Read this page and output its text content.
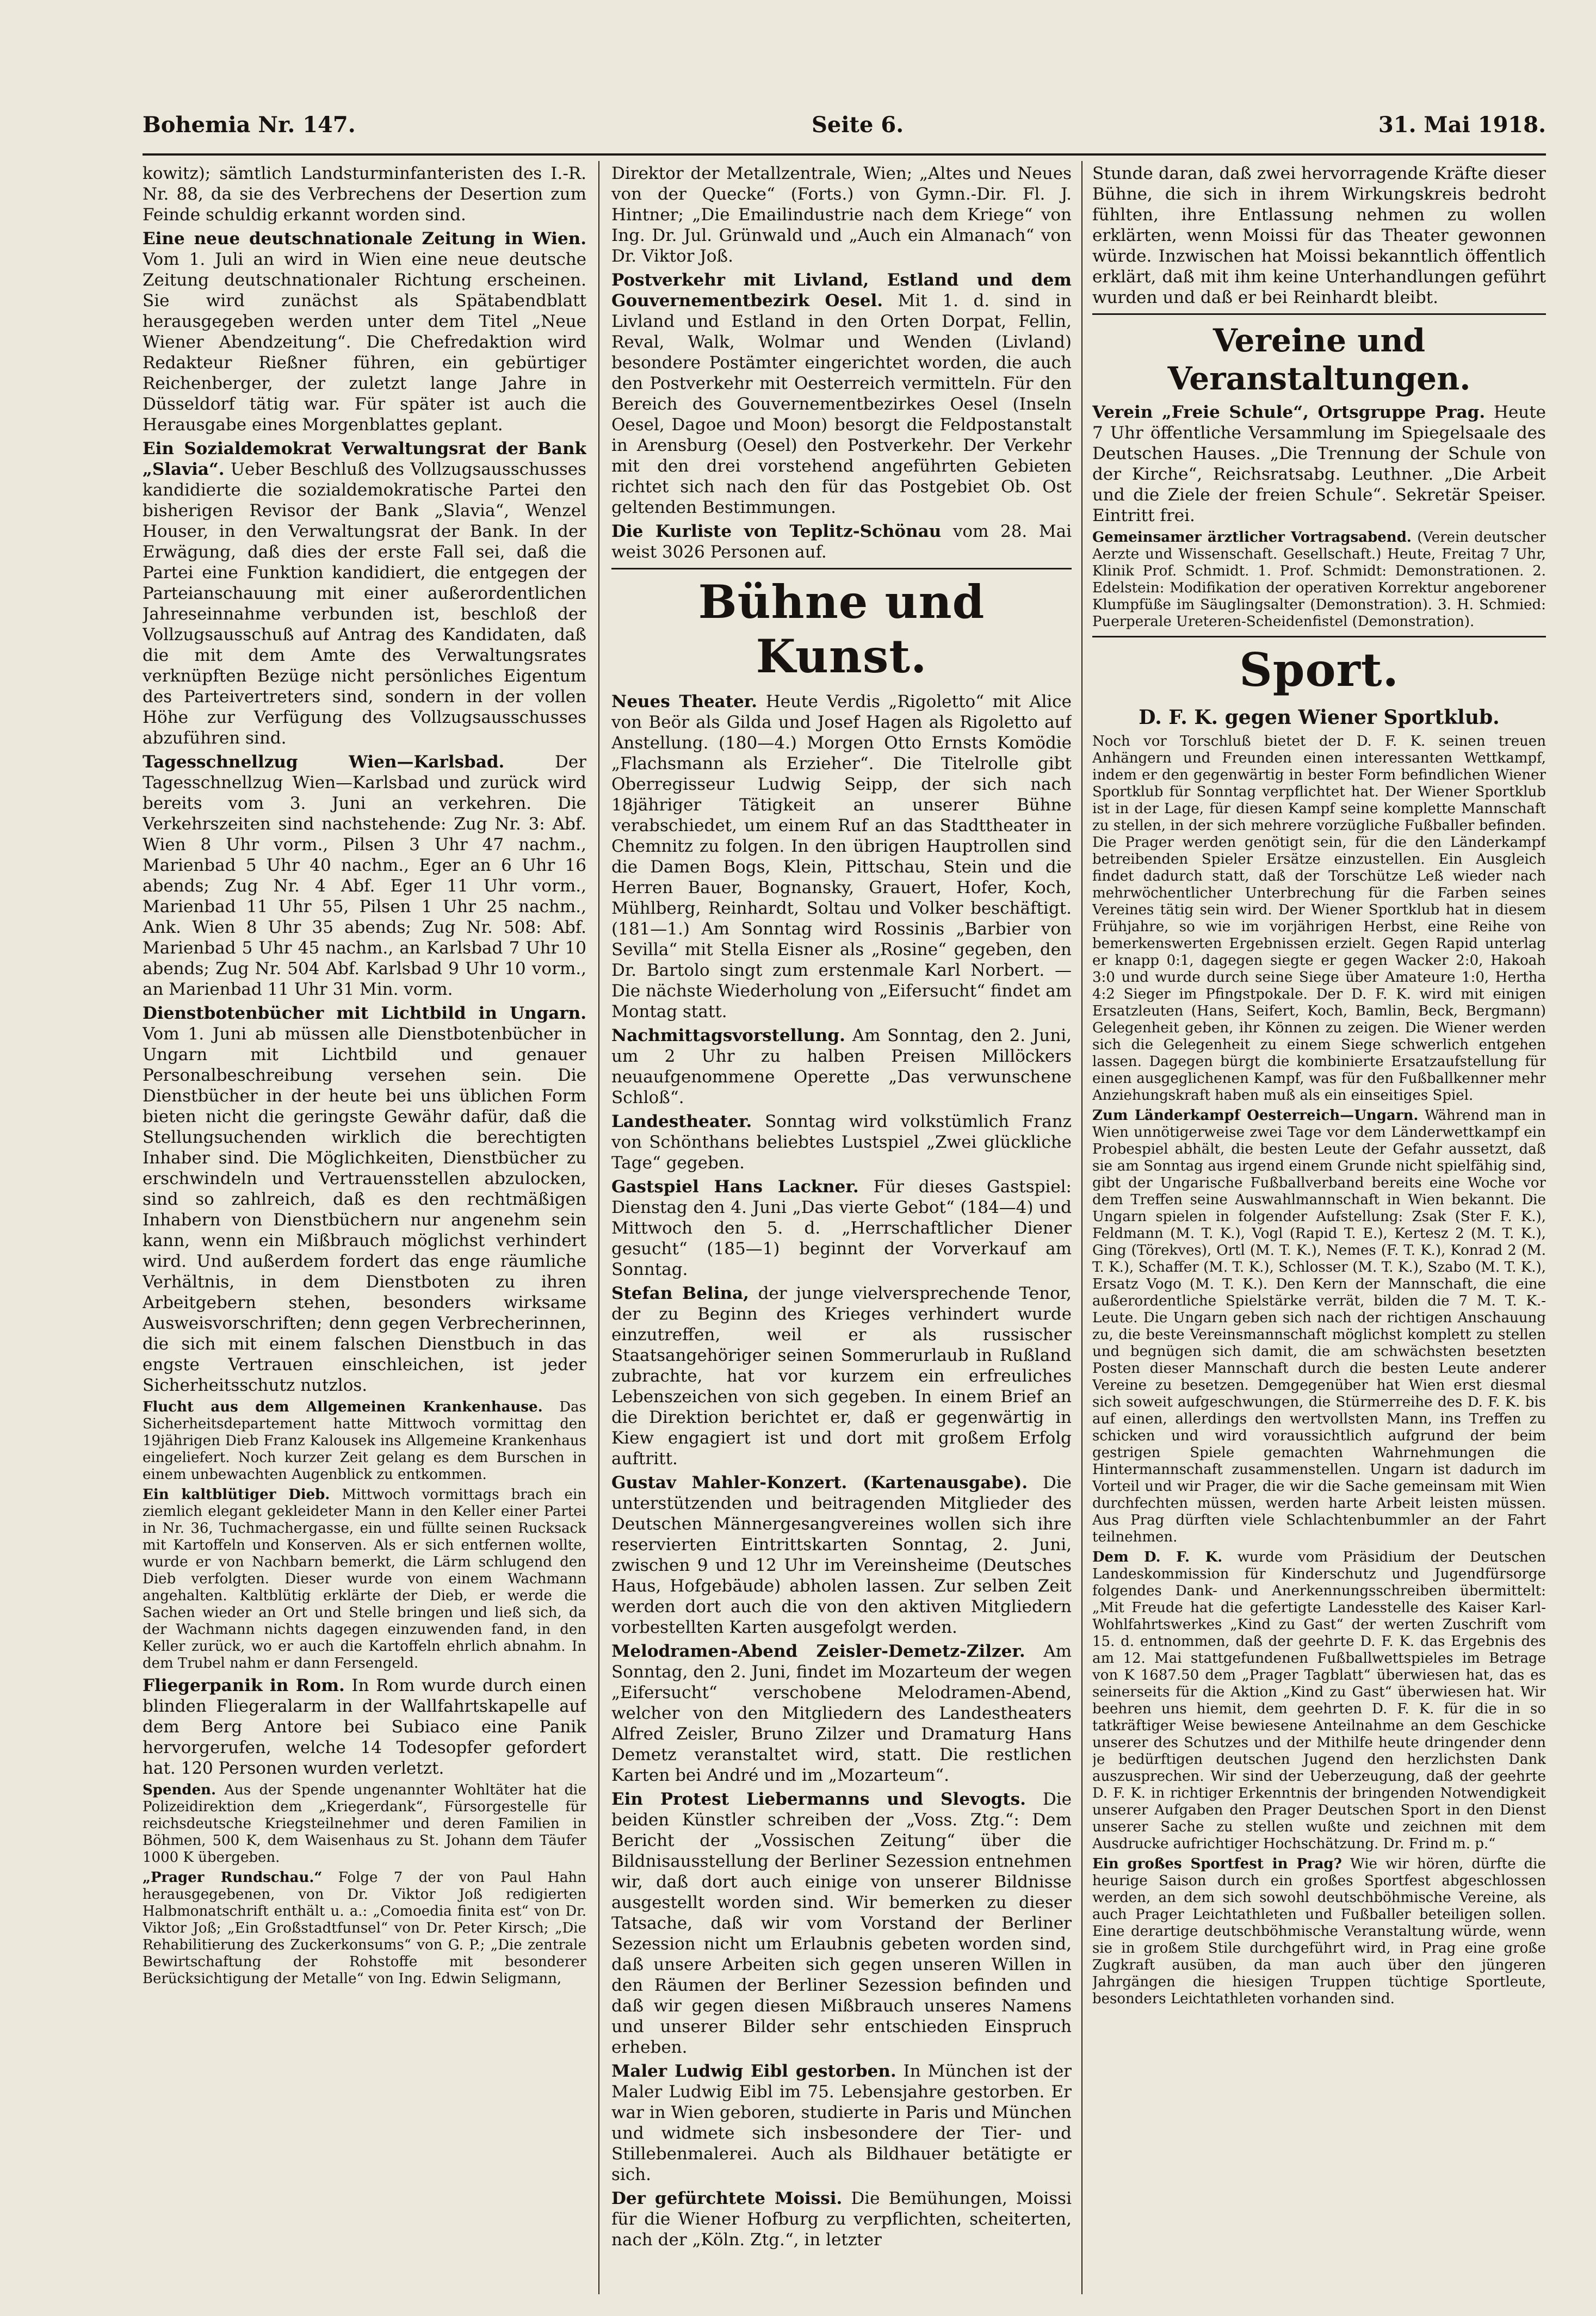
Bohemia Nr. 147.	Seite 6.	31. Mai 1918.

kowitz); sämtlich Landsturminfanteristen des I.-R. Nr. 88, da sie des Verbrechens der Desertion zum Feinde schuldig erkannt worden sind.

Eine neue deutschnationale Zeitung in Wien. Vom 1. Juli an wird in Wien eine neue deutsche Zeitung deutschnationaler Richtung erscheinen. Sie wird zunächst als Spätabendblatt herausgegeben werden unter dem Titel „Neue Wiener Abendzeitung“. Die Chefredaktion wird Redakteur Rießner führen, ein gebürtiger Reichenberger, der zuletzt lange Jahre in Düsseldorf tätig war. Für später ist auch die Herausgabe eines Morgenblattes geplant.

Ein Sozialdemokrat Verwaltungsrat der Bank „Slavia“. Ueber Beschluß des Vollzugsausschusses kandidierte die sozialdemokratische Partei den bisherigen Revisor der Bank „Slavia“, Wenzel Houser, in den Verwaltungsrat der Bank. In der Erwägung, daß dies der erste Fall sei, daß die Partei eine Funktion kandidiert, die entgegen der Parteianschauung mit einer außerordentlichen Jahreseinnahme verbunden ist, beschloß der Vollzugsausschuß auf Antrag des Kandidaten, daß die mit dem Amte des Verwaltungsrates verknüpften Bezüge nicht persönliches Eigentum des Parteivertreters sind, sondern in der vollen Höhe zur Verfügung des Vollzugsausschusses abzuführen sind.

Tagesschnellzug Wien—Karlsbad.	Der Tagesschnellzug Wien—Karlsbad und zurück wird bereits vom 3. Juni an verkehren. Die Verkehrszeiten sind nachstehende: Zug Nr. 3: Abf. Wien 8 Uhr vorm., Pilsen 3 Uhr 47 nachm., Marienbad 5 Uhr 40 nachm., Eger an 6 Uhr 16 abends; Zug Nr. 4 Abf. Eger 11 Uhr vorm., Marienbad 11 Uhr 55, Pilsen 1 Uhr 25 nachm., Ank. Wien 8 Uhr 35 abends; Zug Nr. 508: Abf. Marienbad 5 Uhr 45 nachm., an Karlsbad 7 Uhr 10 abends; Zug Nr. 504 Abf. Karlsbad 9 Uhr 10 vorm., an Marienbad 11 Uhr 31 Min. vorm.

Dienstbotenbücher mit Lichtbild in Ungarn. Vom 1. Juni ab müssen alle Dienstbotenbücher in Ungarn mit Lichtbild und genauer Personalbeschreibung versehen sein. Die Dienstbücher in der heute bei uns üblichen Form bieten nicht die geringste Gewähr dafür, daß die Stellungsuchenden wirklich die berechtigten Inhaber sind. Die Möglichkeiten, Dienstbücher zu erschwindeln und Vertrauensstellen abzulocken, sind so zahlreich, daß es den rechtmäßigen Inhabern von Dienstbüchern nur angenehm sein kann, wenn ein Mißbrauch möglichst verhindert wird. Und außerdem fordert das enge räumliche Verhältnis, in dem Dienstboten zu ihren Arbeitgebern stehen, besonders wirksame Ausweisvorschriften; denn gegen Verbrecherinnen, die sich mit einem falschen Dienstbuch in das engste Vertrauen einschleichen, ist jeder Sicherheitsschutz nutzlos.

Flucht aus dem Allgemeinen Krankenhause. Das Sicherheitsdepartement hatte Mittwoch vormittag den 19jährigen Dieb Franz Kalousek ins Allgemeine Krankenhaus eingeliefert. Noch kurzer Zeit gelang es dem Burschen in einem unbewachten Augenblick zu entkommen.

Ein kaltblütiger Dieb. Mittwoch vormittags brach ein ziemlich elegant gekleideter Mann in den Keller einer Partei in Nr. 36, Tuchmachergasse, ein und füllte seinen Rucksack mit Kartoffeln und Konserven. Als er sich entfernen wollte, wurde er von Nachbarn bemerkt, die Lärm schlugend den Dieb verfolgten. Dieser wurde von einem Wachmann angehalten. Kaltblütig erklärte der Dieb, er werde die Sachen wieder an Ort und Stelle bringen und ließ sich, da der Wachmann nichts dagegen einzuwenden fand, in den Keller zurück, wo er auch die Kartoffeln ehrlich abnahm. In dem Trubel nahm er dann Fersengeld.

Fliegerpanik in Rom. In Rom wurde durch einen blinden Fliegeralarm in der Wallfahrtskapelle auf dem Berg Antore bei Subiaco eine Panik hervorgerufen, welche 14 Todesopfer gefordert hat. 120 Personen wurden verletzt.

Spenden. Aus der Spende ungenannter Wohltäter hat die Polizeidirektion dem „Kriegerdank“, Fürsorgestelle für reichsdeutsche Kriegsteilnehmer und deren Familien in Böhmen, 500 K, dem Waisenhaus zu St. Johann dem Täufer 1000 K übergeben.

„Prager Rundschau.“ Folge 7 der von Paul Hahn herausgegebenen, von Dr. Viktor Joß redigierten Halbmonatschrift enthält u. a.: „Comoedia finita est“ von Dr. Viktor Joß; „Ein Großstadtfunsel“ von Dr. Peter Kirsch; „Die Rehabilitierung des Zuckerkonsums“ von G. P.; „Die zentrale Bewirtschaftung der Rohstoffe mit besonderer Berücksichtigung der Metalle“ von Ing. Edwin Seligmann,

Direktor der Metallzentrale, Wien; „Altes und Neues von der Quecke“ (Forts.) von Gymn.-Dir. Fl. J. Hintner; „Die Emailindustrie nach dem Kriege“ von Ing. Dr. Jul. Grünwald und „Auch ein Almanach“ von Dr. Viktor Joß.

Postverkehr mit Livland, Estland und dem Gouvernementbezirk Oesel. Mit 1. d. sind in Livland und Estland in den Orten Dorpat, Fellin, Reval, Walk, Wolmar und Wenden (Livland) besondere Postämter eingerichtet worden, die auch den Postverkehr mit Oesterreich vermitteln. Für den Bereich des Gouvernementbezirkes Oesel (Inseln Oesel, Dagoe und Moon) besorgt die Feldpostanstalt in Arensburg (Oesel) den Postverkehr. Der Verkehr mit den drei vorstehend angeführten Gebieten richtet sich nach den für das Postgebiet Ob. Ost geltenden Bestimmungen.

Die Kurliste von Teplitz-Schönau vom 28. Mai weist 3026 Personen auf.

Bühne und Kunst.

Neues Theater. Heute Verdis „Rigoletto“ mit Alice von Beör als Gilda und Josef Hagen als Rigoletto auf Anstellung. (180—4.) Morgen Otto Ernsts Komödie „Flachsmann als Erzieher“. Die Titelrolle gibt Oberregisseur Ludwig Seipp, der sich nach 18jähriger Tätigkeit an unserer Bühne verabschiedet, um einem Ruf an das Stadttheater in Chemnitz zu folgen. In den übrigen Hauptrollen sind die Damen Bogs, Klein, Pittschau, Stein und die Herren Bauer, Bognansky, Grauert, Hofer, Koch, Mühlberg, Reinhardt, Soltau und Volker beschäftigt. (181—1.) Am Sonntag wird Rossinis „Barbier von Sevilla“ mit Stella Eisner als „Rosine“ gegeben, den Dr. Bartolo singt zum erstenmale Karl Norbert. — Die nächste Wiederholung von „Eifersucht“ findet am Montag statt.

Nachmittagsvorstellung. Am Sonntag, den 2. Juni, um 2 Uhr zu halben Preisen Millöckers neuaufgenommene Operette „Das verwunschene Schloß“.

Landestheater. Sonntag wird volkstümlich Franz von Schönthans beliebtes Lustspiel „Zwei glückliche Tage“ gegeben.

Gastspiel Hans Lackner. Für dieses Gastspiel: Dienstag den 4. Juni „Das vierte Gebot“ (184—4) und Mittwoch den 5. d. „Herrschaftlicher Diener gesucht“ (185—1) beginnt der Vorverkauf am Sonntag.

Stefan Belina, der junge vielversprechende Tenor, der zu Beginn des Krieges verhindert wurde einzutreffen, weil er als russischer Staatsangehöriger seinen Sommerurlaub in Rußland zubrachte, hat vor kurzem ein erfreuliches Lebenszeichen von sich gegeben. In einem Brief an die Direktion berichtet er, daß er gegenwärtig in Kiew engagiert ist und dort mit großem Erfolg auftritt.

Gustav Mahler-Konzert. (Kartenausgabe). Die unterstützenden und beitragenden Mitglieder des Deutschen Männergesangvereines wollen sich ihre reservierten Eintrittskarten Sonntag, 2. Juni, zwischen 9 und 12 Uhr im Vereinsheime (Deutsches Haus, Hofgebäude) abholen lassen. Zur selben Zeit werden dort auch die von den aktiven Mitgliedern vorbestellten Karten ausgefolgt werden.

Melodramen-Abend Zeisler-Demetz-Zilzer. Am Sonntag, den 2. Juni, findet im Mozarteum der wegen „Eifersucht“ verschobene Melodramen-Abend, welcher von den Mitgliedern des Landestheaters Alfred Zeisler, Bruno Zilzer und Dramaturg Hans Demetz veranstaltet wird, statt. Die restlichen Karten bei André und im „Mozarteum“.

Ein Protest Liebermanns und Slevogts. Die beiden Künstler schreiben der „Voss. Ztg.“: Dem Bericht der „Vossischen Zeitung“ über die Bildnisausstellung der Berliner Sezession entnehmen wir, daß dort auch einige von unserer Bildnisse ausgestellt worden sind. Wir bemerken zu dieser Tatsache, daß wir vom Vorstand der Berliner Sezession nicht um Erlaubnis gebeten worden sind, daß unsere Arbeiten sich gegen unseren Willen in den Räumen der Berliner Sezession befinden und daß wir gegen diesen Mißbrauch unseres Namens und unserer Bilder sehr entschieden Einspruch erheben.

Maler Ludwig Eibl gestorben. In München ist der Maler Ludwig Eibl im 75. Lebensjahre gestorben. Er war in Wien geboren, studierte in Paris und München und widmete sich insbesondere der Tier- und Stillebenmalerei. Auch als Bildhauer betätigte er sich.

Der gefürchtete Moissi. Die Bemühungen, Moissi für die Wiener Hofburg zu verpflichten, scheiterten, nach der „Köln. Ztg.“, in letzter

Stunde daran, daß zwei hervorragende Kräfte dieser Bühne, die sich in ihrem Wirkungskreis bedroht fühlten, ihre Entlassung nehmen zu wollen erklärten, wenn Moissi für das Theater gewonnen würde. Inzwischen hat Moissi bekanntlich öffentlich erklärt, daß mit ihm keine Unterhandlungen geführt wurden und daß er bei Reinhardt bleibt.

Vereine und Veranstaltungen.

Verein „Freie Schule“, Ortsgruppe Prag. Heute 7 Uhr öffentliche Versammlung im Spiegelsaale des Deutschen Hauses. „Die Trennung der Schule von der Kirche“, Reichsratsabg. Leuthner. „Die Arbeit und die Ziele der freien Schule“. Sekretär Speiser. Eintritt frei.

Gemeinsamer ärztlicher Vortragsabend. (Verein deutscher Aerzte und Wissenschaft. Gesellschaft.) Heute, Freitag 7 Uhr, Klinik Prof. Schmidt. 1. Prof. Schmidt: Demonstrationen. 2. Edelstein: Modifikation der operativen Korrektur angeborener Klumpfüße im Säuglingsalter (Demonstration). 3. H. Schmied: Puerperale Ureteren-Scheidenfistel (Demonstration).

Sport.
D. F. K. gegen Wiener Sportklub.

Noch vor Torschluß bietet der D. F. K. seinen treuen Anhängern und Freunden einen interessanten Wettkampf, indem er den gegenwärtig in bester Form befindlichen Wiener Sportklub für Sonntag verpflichtet hat. Der Wiener Sportklub ist in der Lage, für diesen Kampf seine komplette Mannschaft zu stellen, in der sich mehrere vorzügliche Fußballer befinden. Die Prager werden genötigt sein, für die den Länderkampf betreibenden Spieler Ersätze einzustellen. Ein Ausgleich findet dadurch statt, daß der Torschütze Leß wieder nach mehrwöchentlicher Unterbrechung für die Farben seines Vereines tätig sein wird. Der Wiener Sportklub hat in diesem Frühjahre, so wie im vorjährigen Herbst, eine Reihe von bemerkenswerten Ergebnissen erzielt. Gegen Rapid unterlag er knapp 0:1, dagegen siegte er gegen Wacker 2:0, Hakoah 3:0 und wurde durch seine Siege über Amateure 1:0, Hertha 4:2 Sieger im Pfingstpokale. Der D. F. K. wird mit einigen Ersatzleuten (Hans, Seifert, Koch, Bamlin, Beck, Bergmann) Gelegenheit geben, ihr Können zu zeigen. Die Wiener werden sich die Gelegenheit zu einem Siege schwerlich entgehen lassen. Dagegen bürgt die kombinierte Ersatzaufstellung für einen ausgeglichenen Kampf, was für den Fußballkenner mehr Anziehungskraft haben muß als ein einseitiges Spiel.

Zum Länderkampf Oesterreich—Ungarn. Während man in Wien unnötigerweise zwei Tage vor dem Länderwettkampf ein Probespiel abhält, die besten Leute der Gefahr aussetzt, daß sie am Sonntag aus irgend einem Grunde nicht spielfähig sind, gibt der Ungarische Fußballverband bereits eine Woche vor dem Treffen seine Auswahlmannschaft in Wien bekannt. Die Ungarn spielen in folgender Aufstellung: Zsak (Ster F. K.), Feldmann (M. T. K.), Vogl (Rapid T. E.), Kertesz 2 (M. T. K.), Ging (Törekves), Ortl (M. T. K.), Nemes (F. T. K.), Konrad 2 (M. T. K.), Schaffer (M. T. K.), Schlosser (M. T. K.), Szabo (M. T. K.), Ersatz Vogo (M. T. K.). Den Kern der Mannschaft, die eine außerordentliche Spielstärke verrät, bilden die 7 M. T. K.-Leute. Die Ungarn geben sich nach der richtigen Anschauung zu, die beste Vereinsmannschaft möglichst komplett zu stellen und begnügen sich damit, die am schwächsten besetzten Posten dieser Mannschaft durch die besten Leute anderer Vereine zu besetzen. Demgegenüber hat Wien erst diesmal sich soweit aufgeschwungen, die Stürmerreihe des D. F. K. bis auf einen, allerdings den wertvollsten Mann, ins Treffen zu schicken und wird voraussichtlich aufgrund der beim gestrigen Spiele gemachten Wahrnehmungen die Hintermannschaft zusammenstellen. Ungarn ist dadurch im Vorteil und wir Prager, die wir die Sache gemeinsam mit Wien durchfechten müssen, werden harte Arbeit leisten müssen. Aus Prag dürften viele Schlachtenbummler an der Fahrt teilnehmen.

Dem D. F. K. wurde vom Präsidium der Deutschen Landeskommission für Kinderschutz und Jugendfürsorge folgendes Dank- und Anerkennungsschreiben übermittelt: „Mit Freude hat die gefertigte Landesstelle des Kaiser Karl-Wohlfahrtswerkes „Kind zu Gast“ der werten Zuschrift vom 15. d. entnommen, daß der geehrte D. F. K. das Ergebnis des am 12. Mai stattgefundenen Fußballwettspieles im Betrage von K 1687.50 dem „Prager Tagblatt“ überwiesen hat, das es seinerseits für die Aktion „Kind zu Gast“ überwiesen hat. Wir beehren uns hiemit, dem geehrten D. F. K. für die in so tatkräftiger Weise bewiesene Anteilnahme an dem Geschicke unserer des Schutzes und der Mithilfe heute dringender denn je bedürftigen deutschen Jugend den herzlichsten Dank auszusprechen. Wir sind der Ueberzeugung, daß der geehrte D. F. K. in richtiger Erkenntnis der bringenden Notwendigkeit unserer Aufgaben den Prager Deutschen Sport in den Dienst unserer Sache zu stellen wußte und zeichnen mit dem Ausdrucke aufrichtiger Hochschätzung. Dr. Frind m. p.“

Ein großes Sportfest in Prag? Wie wir hören, dürfte die heurige Saison durch ein großes Sportfest abgeschlossen werden, an dem sich sowohl deutschböhmische Vereine, als auch Prager Leichtathleten und Fußballer beteiligen sollen. Eine derartige deutschböhmische Veranstaltung würde, wenn sie in großem Stile durchgeführt wird, in Prag eine große Zugkraft ausüben, da man auch über den jüngeren Jahrgängen die hiesigen Truppen tüchtige Sportleute, besonders Leichtathleten vorhanden sind.
